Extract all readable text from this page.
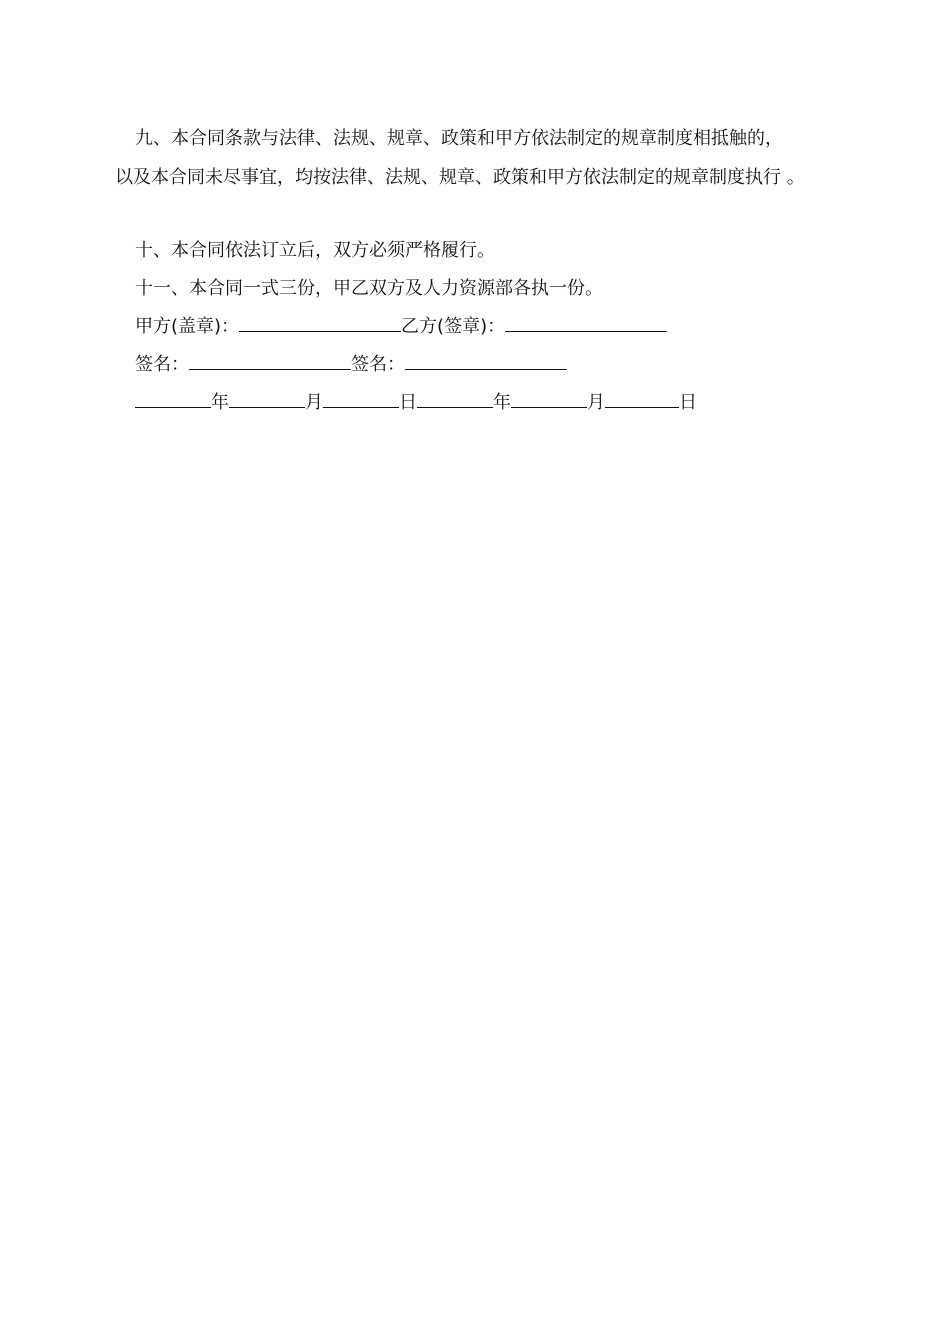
九、本合同条款与法律、法规、规章、政策和甲方依法制定的规章制度相抵触的，
以及本合同未尽事宜，均按法律、法规、规章、政策和甲方依法制定的规章制度执行 。
十、本合同依法订立后，双方必须严格履行。
十一、本合同一式三份，甲乙双方及人力资源部各执一份。
甲方(盖章)：	乙方(签章)：
签名：	签名：
年	月	日	年	月	日
